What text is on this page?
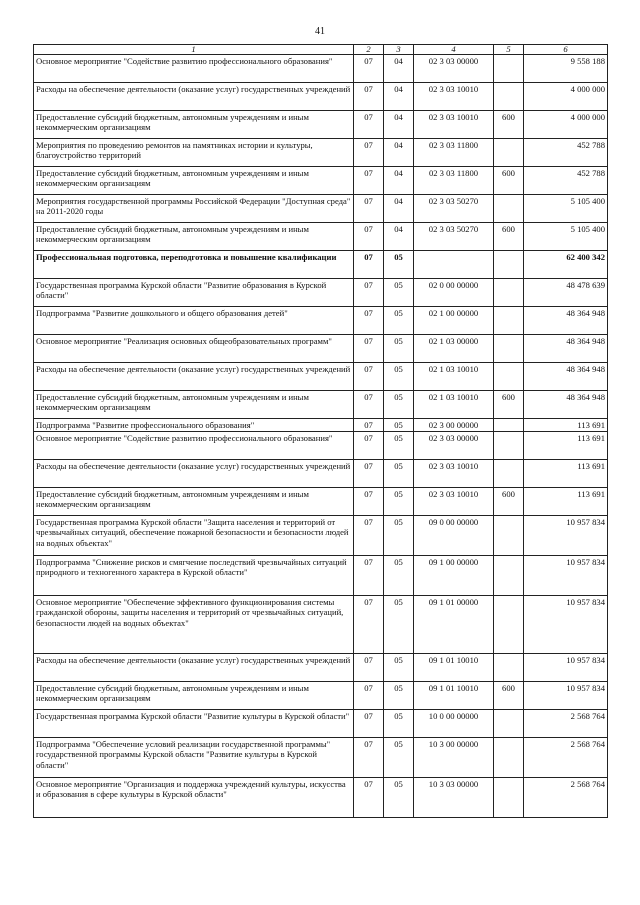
41
1	2	3	4	5	6
Основное мероприятие "Содействие развитию профессионального образования"	07	04	02 3 03 00000		9 558 188
Расходы на обеспечение деятельности (оказание услуг) государственных учреждений	07	04	02 3 03 10010		4 000 000
Предоставление субсидий бюджетным, автономным учреждениям и иным некоммерческим организациям	07	04	02 3 03 10010	600	4 000 000
Мероприятия по проведению ремонтов на памятниках истории и культуры, благоустройство территорий	07	04	02 3 03 11800		452 788
Предоставление субсидий бюджетным, автономным учреждениям и иным некоммерческим организациям	07	04	02 3 03 11800	600	452 788
Мероприятия государственной программы Российской Федерации "Доступная среда" на 2011-2020 годы	07	04	02 3 03 50270		5 105 400
Предоставление субсидий бюджетным, автономным учреждениям и иным некоммерческим организациям	07	04	02 3 03 50270	600	5 105 400
Профессиональная подготовка, переподготовка и повышение квалификации	07	05			62 400 342
Государственная программа Курской области "Развитие образования в Курской области"	07	05	02 0 00 00000		48 478 639
Подпрограмма "Развитие дошкольного и общего образования детей"	07	05	02 1 00 00000		48 364 948
Основное мероприятие "Реализация основных общеобразовательных программ"	07	05	02 1 03 00000		48 364 948
Расходы на обеспечение деятельности (оказание услуг) государственных учреждений	07	05	02 1 03 10010		48 364 948
Предоставление субсидий бюджетным, автономным учреждениям и иным некоммерческим организациям	07	05	02 1 03 10010	600	48 364 948
Подпрограмма "Развитие профессионального образования"	07	05	02 3 00 00000		113 691
Основное мероприятие "Содействие развитию профессионального образования"	07	05	02 3 03 00000		113 691
Расходы на обеспечение деятельности (оказание услуг) государственных учреждений	07	05	02 3 03 10010		113 691
Предоставление субсидий бюджетным, автономным учреждениям и иным некоммерческим организациям	07	05	02 3 03 10010	600	113 691
Государственная программа Курской области "Защита населения и территорий от чрезвычайных ситуаций, обеспечение пожарной безопасности и безопасности людей на водных объектах"	07	05	09 0 00 00000		10 957 834
Подпрограмма "Снижение рисков и смягчение последствий чрезвычайных ситуаций природного и техногенного характера в Курской области"	07	05	09 1 00 00000		10 957 834
Основное мероприятие "Обеспечение эффективного функционирования системы гражданской обороны, защиты населения и территорий от чрезвычайных ситуаций, безопасности людей на водных объектах"	07	05	09 1 01 00000		10 957 834
Расходы на обеспечение деятельности (оказание услуг) государственных учреждений	07	05	09 1 01 10010		10 957 834
Предоставление субсидий бюджетным, автономным учреждениям и иным некоммерческим организациям	07	05	09 1 01 10010	600	10 957 834
Государственная программа Курской области "Развитие культуры в Курской области"	07	05	10 0 00 00000		2 568 764
Подпрограмма "Обеспечение условий реализации государственной программы" государственной программы Курской области "Развитие культуры в Курской области"	07	05	10 3 00 00000		2 568 764
Основное мероприятие "Организация и поддержка учреждений культуры, искусства и образования в сфере культуры в Курской области"	07	05	10 3 03 00000		2 568 764
